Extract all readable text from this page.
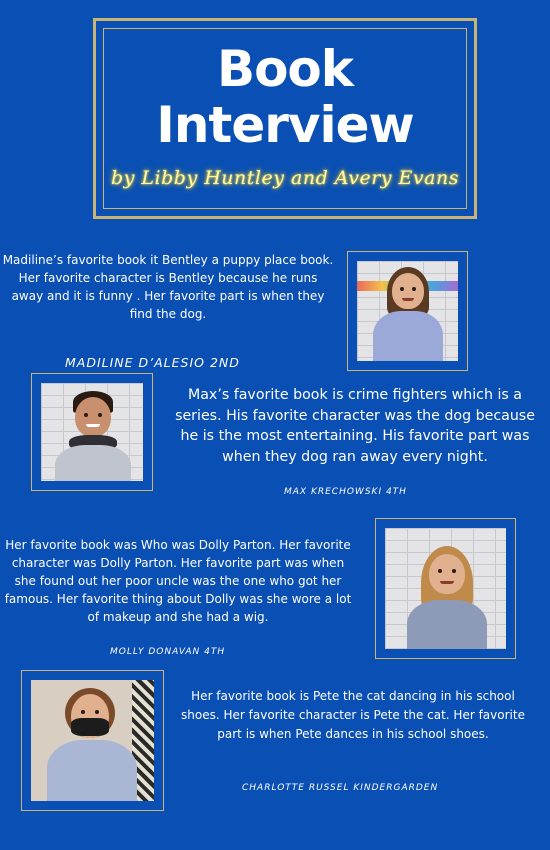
Book
Interview
by Libby Huntley and Avery Evans
Madiline’s favorite book it Bentley a puppy place book. Her favorite character is Bentley because he runs away and it is funny . Her favorite part is when they find the dog.
MADILINE D’ALESIO 2ND
Max’s favorite book is crime fighters which is a series. His favorite character was the dog because he is the most entertaining. His favorite part was when they dog ran away every night.
MAX KRECHOWSKI 4TH
Her favorite book was Who was Dolly Parton. Her favorite character was Dolly Parton. Her favorite part was when she found out her poor uncle was the one who got her famous. Her favorite thing about Dolly was she wore a lot of makeup and she had a wig.
MOLLY DONAVAN 4TH
Her favorite book is Pete the cat dancing in his school shoes. Her favorite character is Pete the cat. Her favorite part is when Pete dances in his school shoes.
CHARLOTTE RUSSEL KINDERGARDEN
